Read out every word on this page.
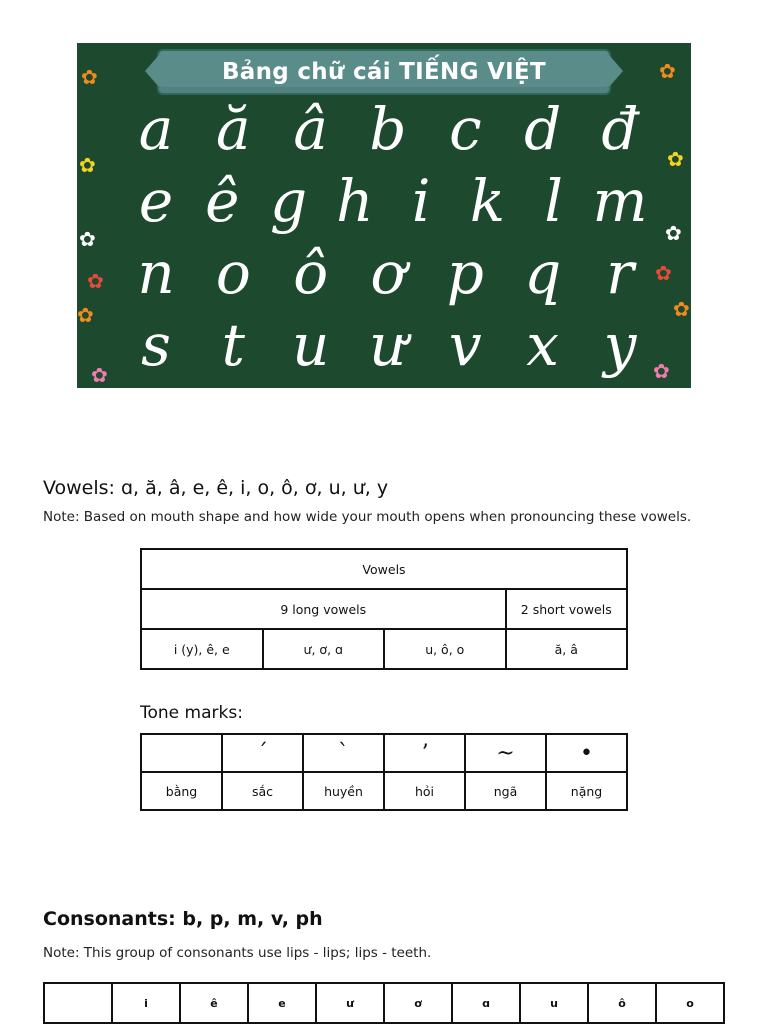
Bảng chữ cái TIẾNG VIỆT
✿
✿
✿
✿
✿
✿
✿
✿
✿
✿
✿
✿
a ă â b c d đ
e ê g h i k l m
n o ô ơ p q r
s t u ư v x y
Vowels: ɑ, ă, â, e, ê, i, o, ô, ơ, u, ư, y
Note: Based on mouth shape and how wide your mouth opens when pronouncing these vowels.
Vowels			
9 long vowels			2 short vowels
i (y), ê, e	ư, ơ, ɑ	u, ô, o	ă, â
Tone marks:
	ˊ	ˋ	ʼ	~	•
bằng	sắc	huyền	hỏi	ngã	nặng
Consonants: b, p, m, v, ph
Note: This group of consonants use lips - lips; lips - teeth.
	i	ê	e	ư	ơ	ɑ	u	ô	o
